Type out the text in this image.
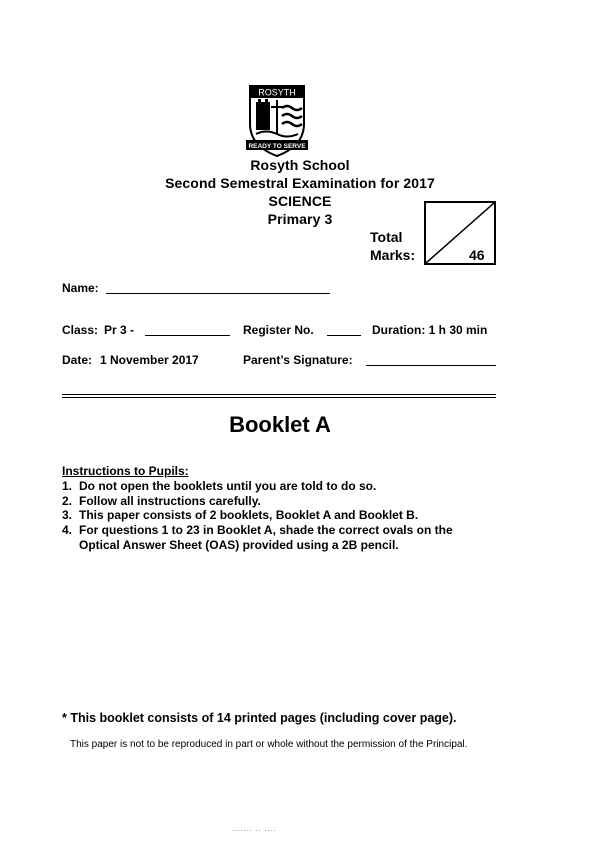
ROSYTH
READY TO SERVE
Rosyth School
Second Semestral Examination for 2017
SCIENCE
Primary 3
Total
Marks:	46
Name:
Class: Pr 3 -	Register No.	Duration: 1 h 30 min
Date: 1 November 2017	Parent’s Signature:
Booklet A
Instructions to Pupils:
1. Do not open the booklets until you are told to do so.
2. Follow all instructions carefully.
3. This paper consists of 2 booklets, Booklet A and Booklet B.
4. For questions 1 to 23 in Booklet A, shade the correct ovals on the
Optical Answer Sheet (OAS) provided using a 2B pencil.
* This booklet consists of 14 printed pages (including cover page).
This paper is not to be reproduced in part or whole without the permission of the Principal.
....... .. ....
